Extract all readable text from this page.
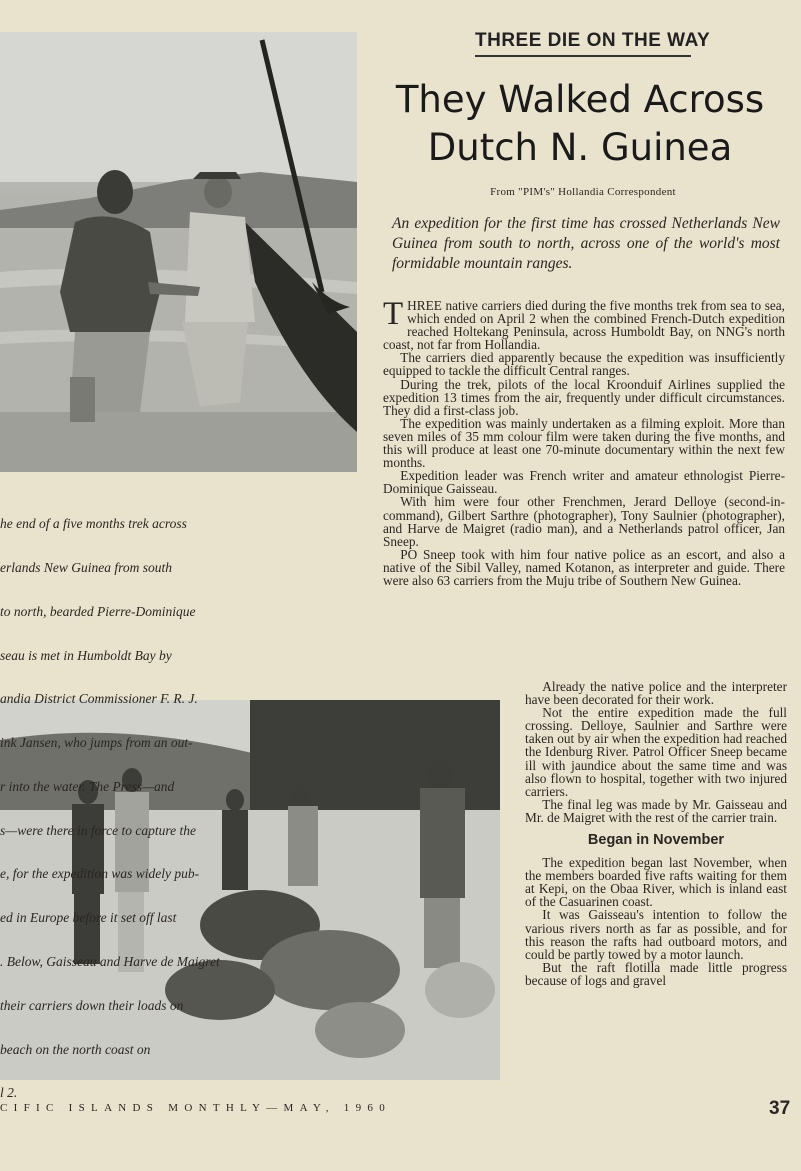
THREE DIE ON THE WAY
They Walked Across
Dutch N. Guinea
From "PIM's" Hollandia Correspondent
An expedition for the first time has crossed Netherlands New Guinea from south to north, across one of the world's most formidable mountain ranges.

he end of a five months trek across

erlands New Guinea from south

to north, bearded Pierre-Dominique

seau is met in Humboldt Bay by

andia District Commissioner F. R. J.

ink Jansen, who jumps from an out-

r into the water. The Press—and

s—were there in force to capture the

e, for the expedition was widely pub-

ed in Europe before it set off last

. Below, Gaisseau and Harve de Maigret

their carriers down their loads on

beach on the north coast on

l 2.

THREE native carriers died during the five months trek from sea to sea, which ended on April 2 when the combined French-Dutch expedition reached Holtekang Peninsula, across Humboldt Bay, on NNG's north coast, not far from Hollandia.

The carriers died apparently because the expedition was insufficiently equipped to tackle the difficult Central ranges.

During the trek, pilots of the local Kroonduif Airlines supplied the expedition 13 times from the air, frequently under difficult circumstances. They did a first-class job.

The expedition was mainly undertaken as a filming exploit. More than seven miles of 35 mm colour film were taken during the five months, and this will produce at least one 70-minute documentary within the next few months.

Expedition leader was French writer and amateur ethnologist Pierre-Dominique Gaisseau.

With him were four other Frenchmen, Jerard Delloye (second-in-command), Gilbert Sarthre (photographer), Tony Saulnier (photographer), and Harve de Maigret (radio man), and a Netherlands patrol officer, Jan Sneep.

PO Sneep took with him four native police as an escort, and also a native of the Sibil Valley, named Kotanon, as interpreter and guide. There were also 63 carriers from the Muju tribe of Southern New Guinea.

Already the native police and the interpreter have been decorated for their work.

Not the entire expedition made the full crossing. Delloye, Saulnier and Sarthre were taken out by air when the expedition had reached the Idenburg River. Patrol Officer Sneep became ill with jaundice about the same time and was also flown to hospital, together with two injured carriers.

The final leg was made by Mr. Gaisseau and Mr. de Maigret with the rest of the carrier train.

Began in November

The expedition began last November, when the members boarded five rafts waiting for them at Kepi, on the Obaa River, which is inland east of the Casuarinen coast.

It was Gaisseau's intention to follow the various rivers north as far as possible, and for this reason the rafts had outboard motors, and could be partly towed by a motor launch.

But the raft flotilla made little progress because of logs and gravel

CIFIC ISLANDS MONTHLY—MAY, 1960	37
